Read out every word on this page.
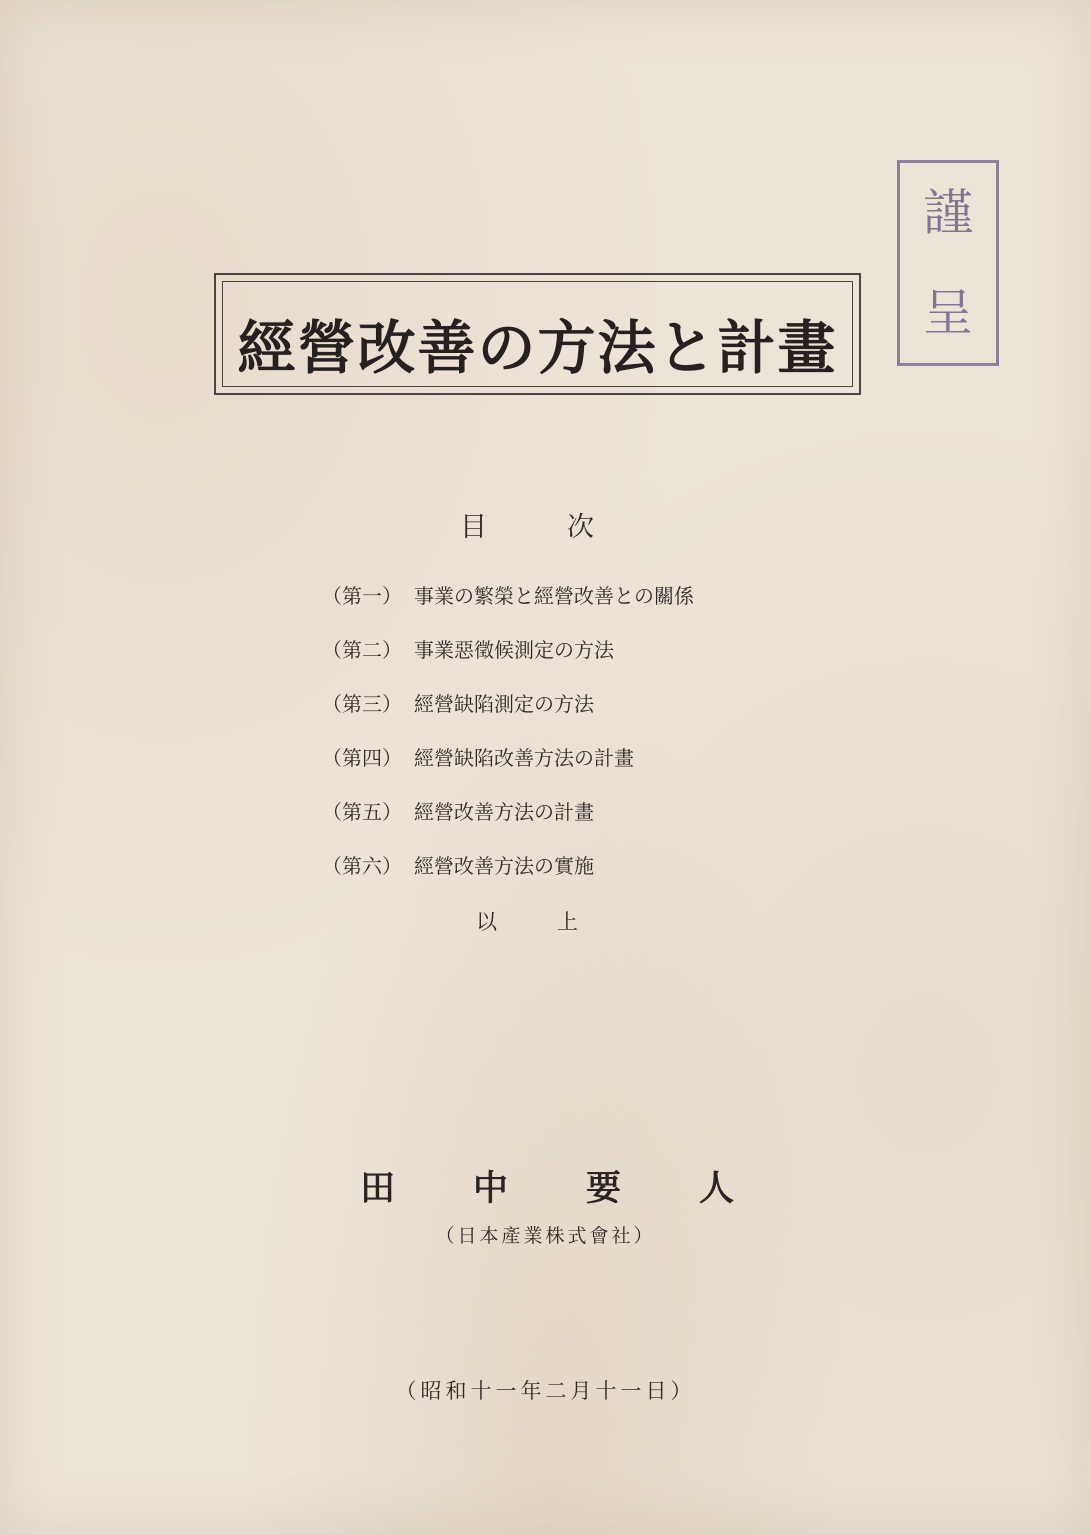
經營改善の方法と計畫
謹
呈
目次
（第一） 事業の繁榮と經營改善との關係
（第二） 事業惡徵候測定の方法
（第三） 經營缺陷測定の方法
（第四） 經營缺陷改善方法の計畫
（第五） 經營改善方法の計畫
（第六） 經營改善方法の實施
以上
田中要人
（日本產業株式會社）
（昭和十一年二月十一日）
